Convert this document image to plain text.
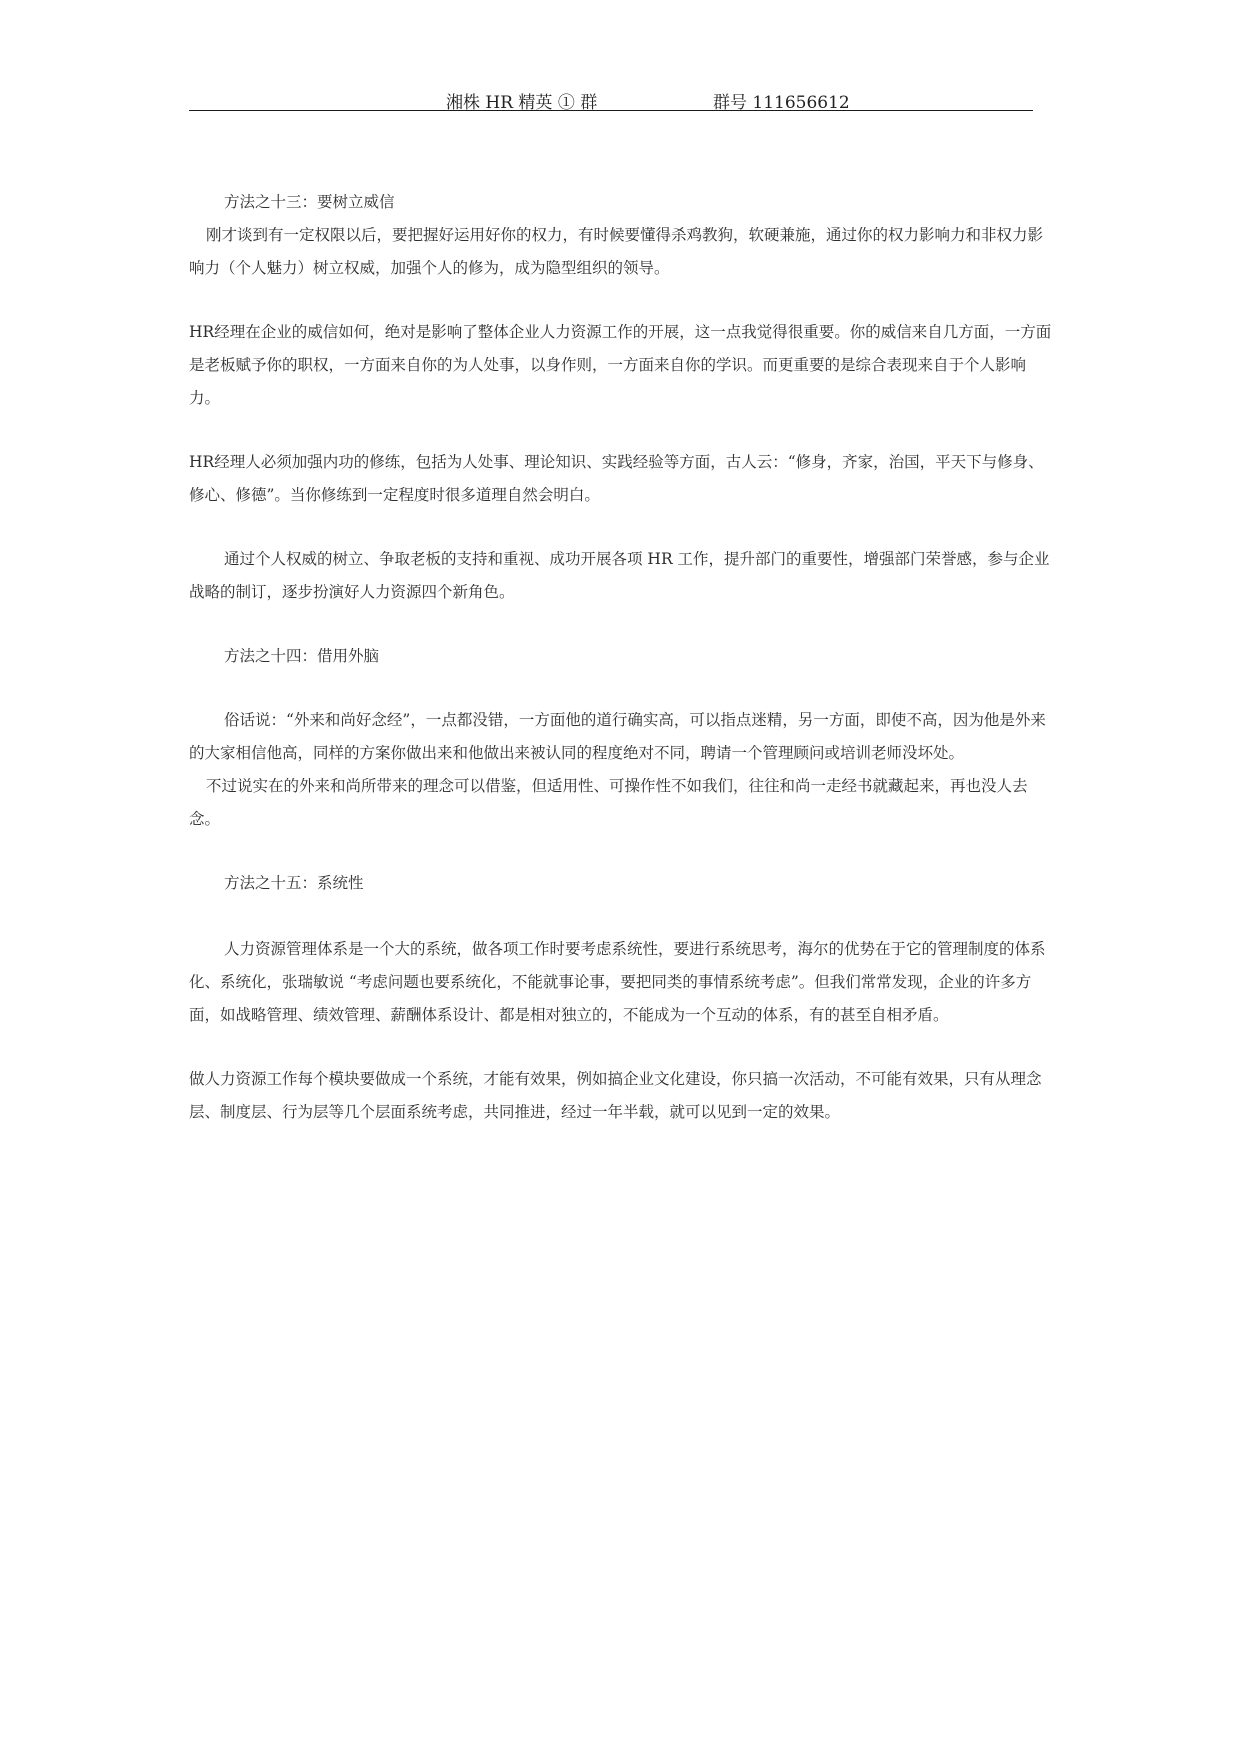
湘株 HR 精英 ① 群	群号 111656612

方法之十三：要树立威信

刚才谈到有一定权限以后，要把握好运用好你的权力，有时候要懂得杀鸡教狗，软硬兼施，通过你的权力影响力和非权力影响力（个人魅力）树立权威，加强个人的修为，成为隐型组织的领导。

HR经理在企业的威信如何，绝对是影响了整体企业人力资源工作的开展，这一点我觉得很重要。你的威信来自几方面，一方面是老板赋予你的职权，一方面来自你的为人处事，以身作则，一方面来自你的学识。而更重要的是综合表现来自于个人影响力。

HR经理人必须加强内功的修练，包括为人处事、理论知识、实践经验等方面，古人云：“修身，齐家，治国，平天下与修身、修心、修德”。当你修练到一定程度时很多道理自然会明白。

通过个人权威的树立、争取老板的支持和重视、成功开展各项 HR 工作，提升部门的重要性，增强部门荣誉感，参与企业战略的制订，逐步扮演好人力资源四个新角色。

方法之十四：借用外脑

俗话说：“外来和尚好念经”，一点都没错，一方面他的道行确实高，可以指点迷精，另一方面，即使不高，因为他是外来的大家相信他高，同样的方案你做出来和他做出来被认同的程度绝对不同，聘请一个管理顾问或培训老师没坏处。

不过说实在的外来和尚所带来的理念可以借鉴，但适用性、可操作性不如我们，往往和尚一走经书就藏起来，再也没人去念。

方法之十五：系统性

人力资源管理体系是一个大的系统，做各项工作时要考虑系统性，要进行系统思考，海尔的优势在于它的管理制度的体系化、系统化，张瑞敏说 “考虑问题也要系统化，不能就事论事，要把同类的事情系统考虑”。但我们常常发现，企业的许多方面，如战略管理、绩效管理、薪酬体系设计、都是相对独立的，不能成为一个互动的体系，有的甚至自相矛盾。

做人力资源工作每个模块要做成一个系统，才能有效果，例如搞企业文化建设，你只搞一次活动，不可能有效果，只有从理念层、制度层、行为层等几个层面系统考虑，共同推进，经过一年半载，就可以见到一定的效果。
